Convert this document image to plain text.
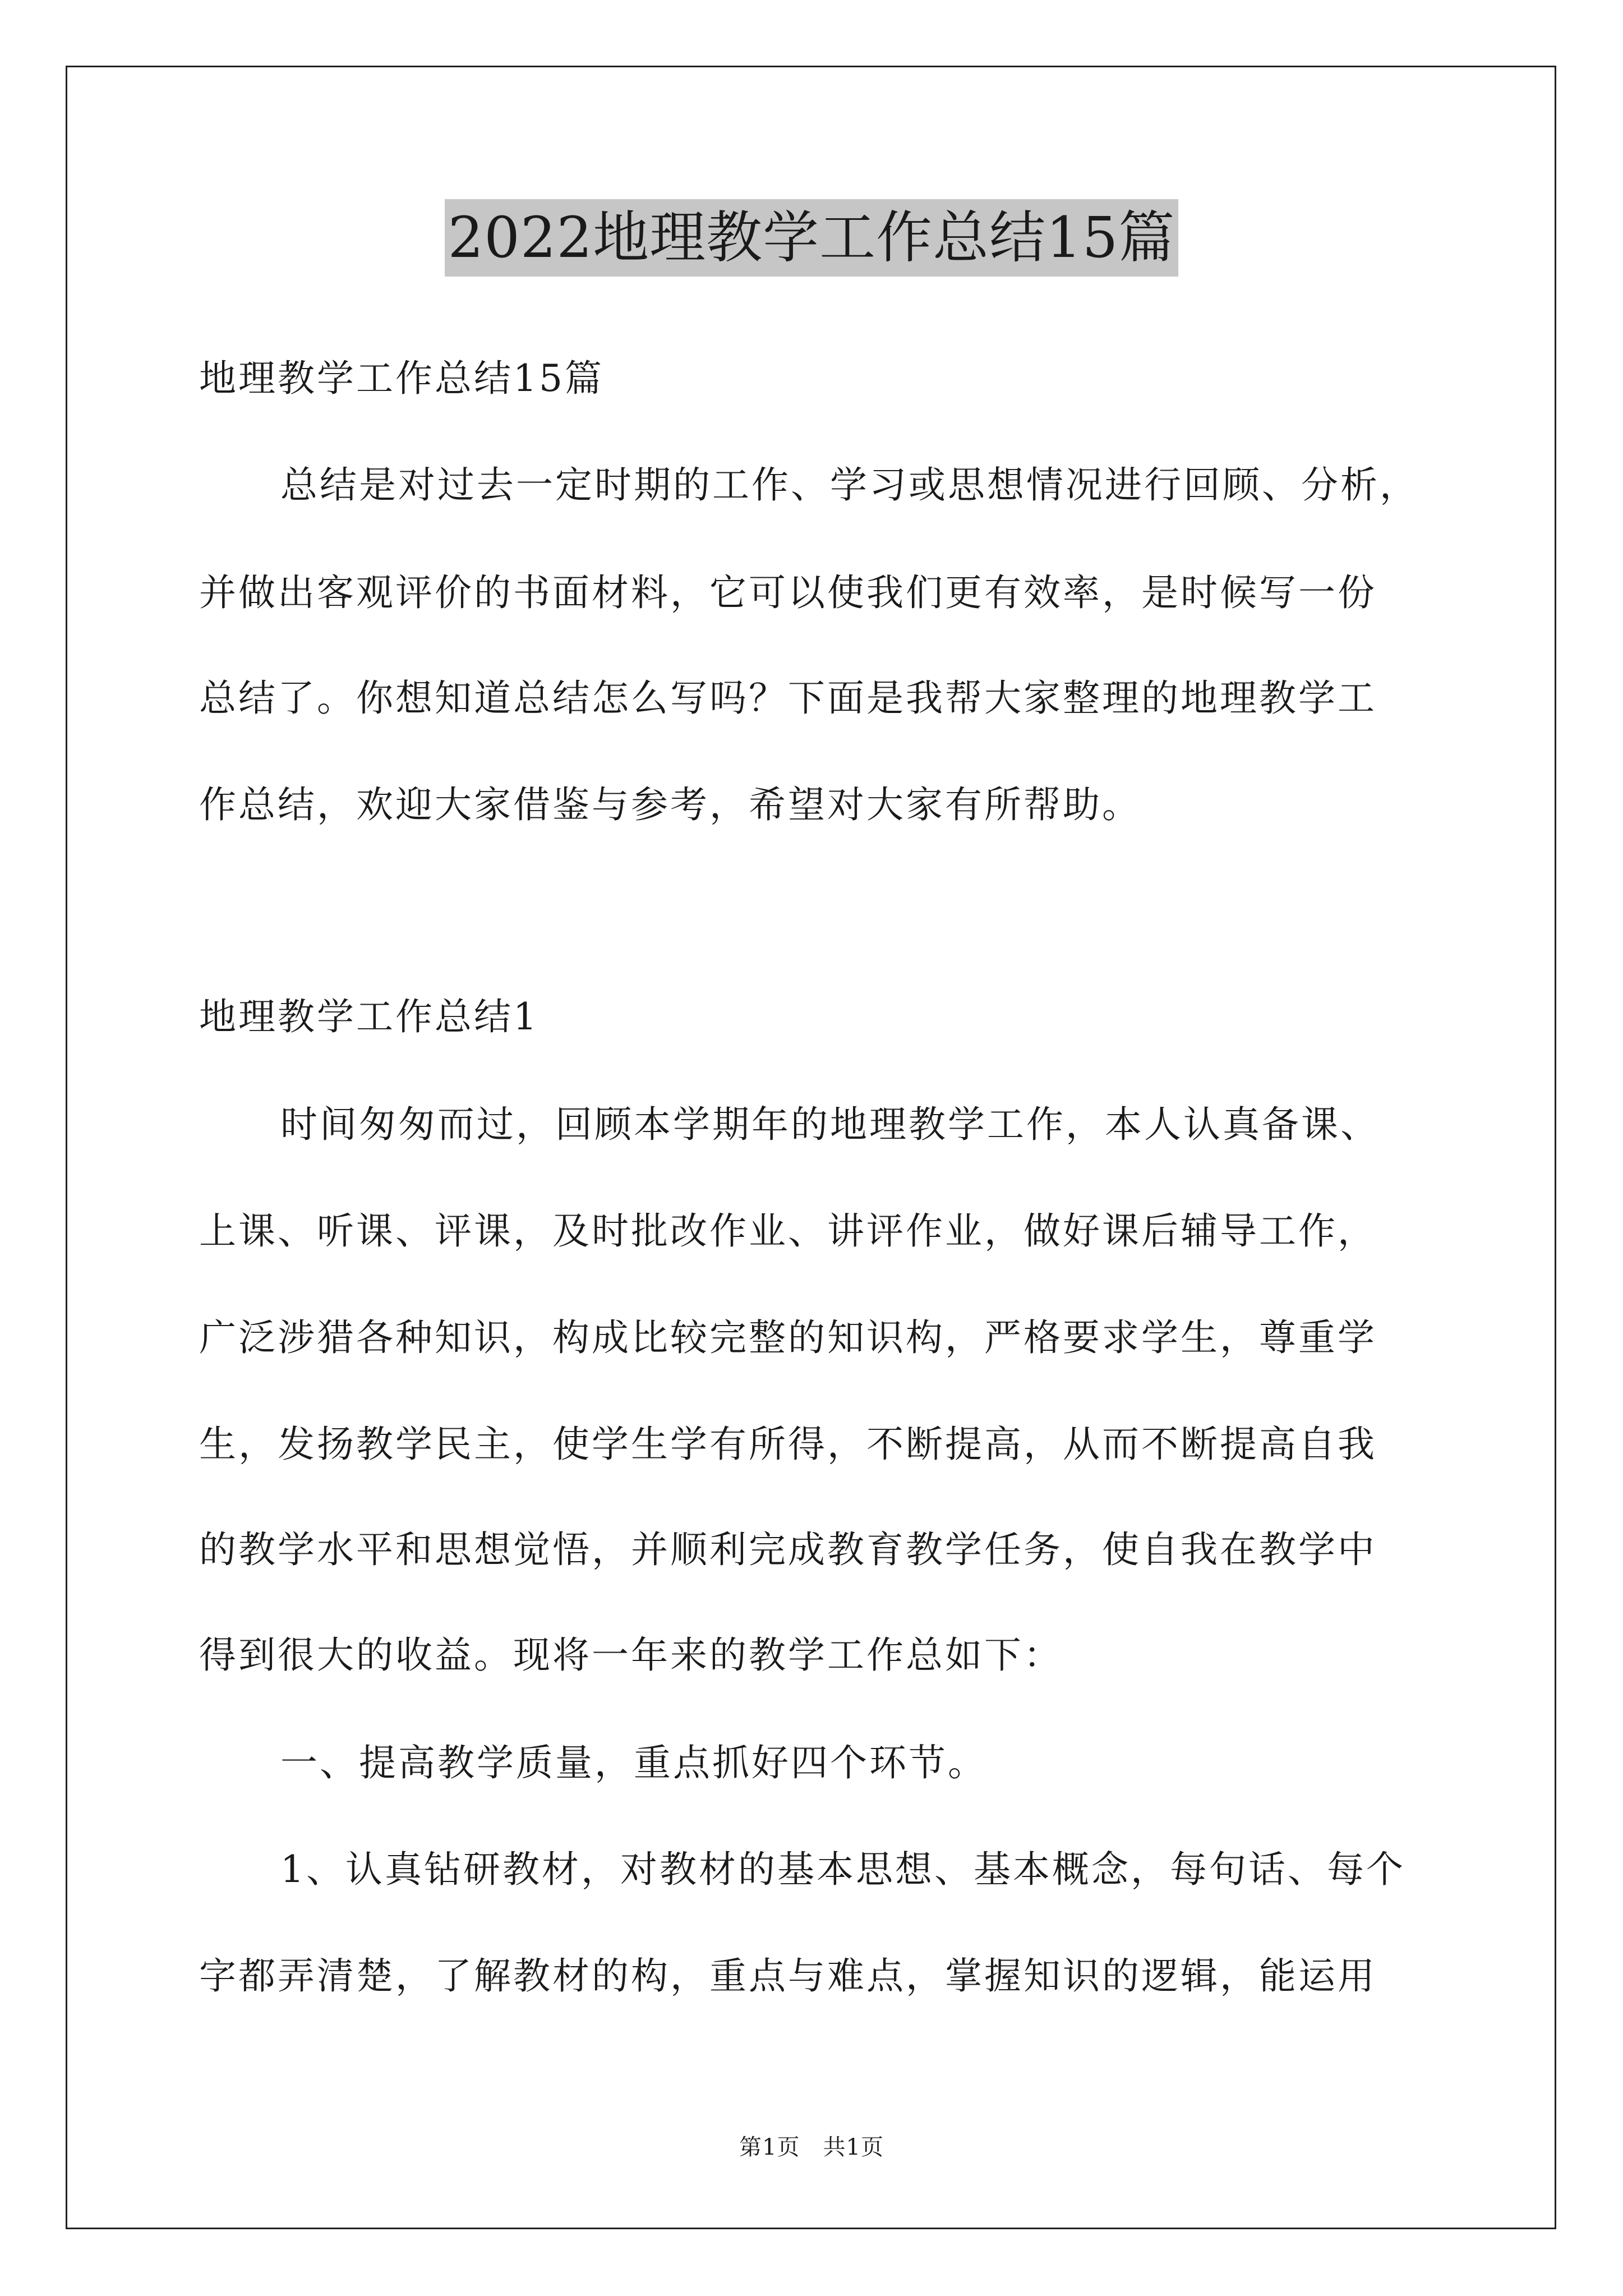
2022地理教学工作总结15篇
地理教学工作总结15篇
总结是对过去一定时期的工作、学习或思想情况进行回顾、分析，
并做出客观评价的书面材料，它可以使我们更有效率，是时候写一份
总结了。你想知道总结怎么写吗？下面是我帮大家整理的地理教学工
作总结，欢迎大家借鉴与参考，希望对大家有所帮助。
地理教学工作总结1
时间匆匆而过，回顾本学期年的地理教学工作，本人认真备课、
上课、听课、评课，及时批改作业、讲评作业，做好课后辅导工作，
广泛涉猎各种知识，构成比较完整的知识构，严格要求学生，尊重学
生，发扬教学民主，使学生学有所得，不断提高，从而不断提高自我
的教学水平和思想觉悟，并顺利完成教育教学任务，使自我在教学中
得到很大的收益。现将一年来的教学工作总如下：
一、提高教学质量，重点抓好四个环节。
1、认真钻研教材，对教材的基本思想、基本概念，每句话、每个
字都弄清楚，了解教材的构，重点与难点，掌握知识的逻辑，能运用
第1页　共1页
